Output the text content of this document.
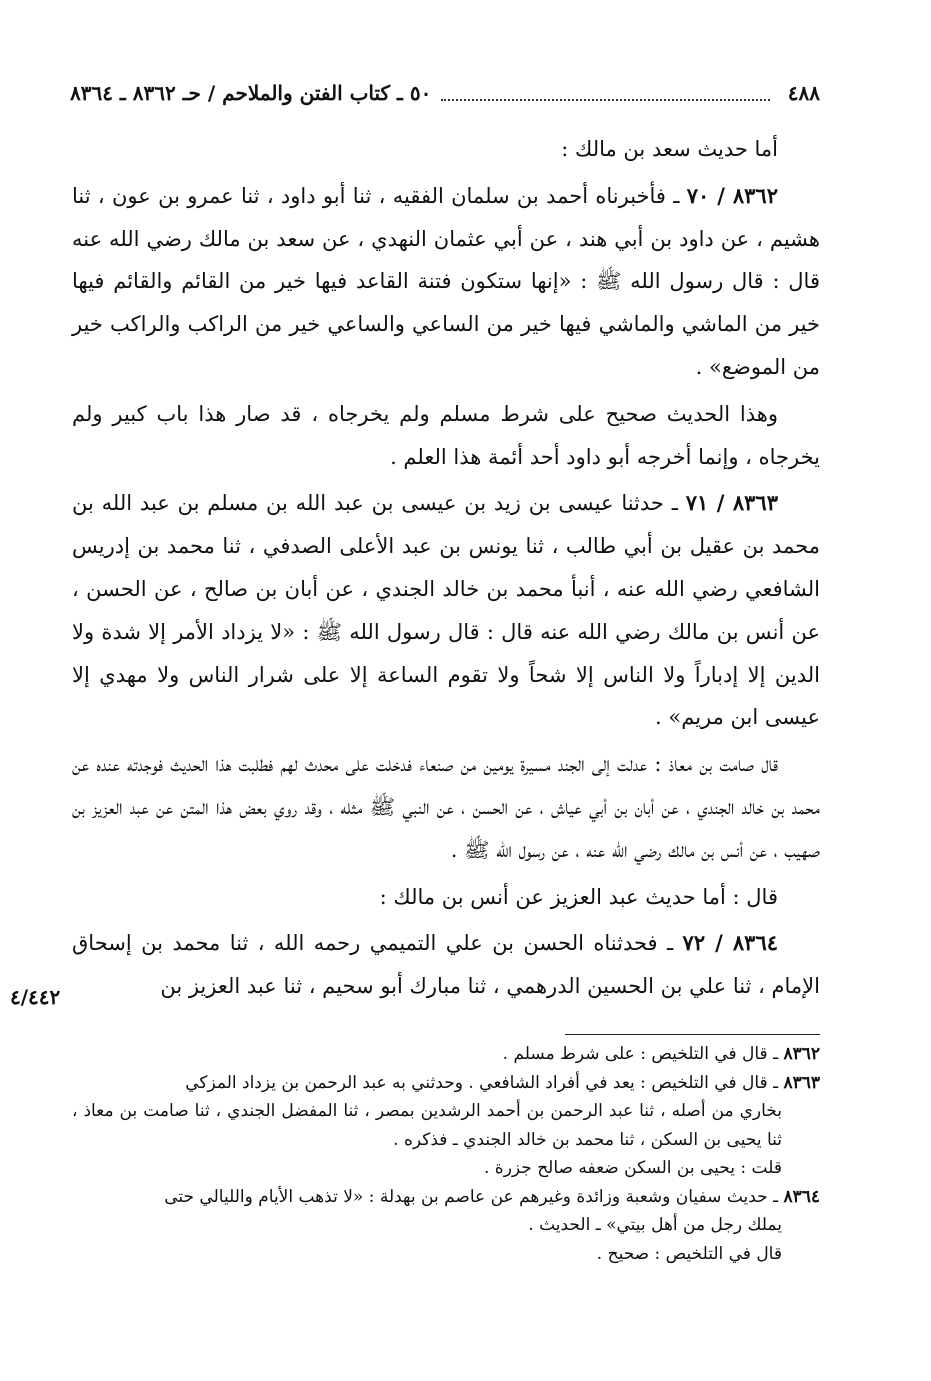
٤٨٨
٥٠ ـ كتاب الفتن والملاحم / حـ ٨٣٦٢ ـ ٨٣٦٤

أما حديث سعد بن مالك :

٨٣٦٢ / ٧٠ ـ فأخبرناه أحمد بن سلمان الفقيه ، ثنا أبو داود ، ثنا عمرو بن عون ، ثنا هشيم ، عن داود بن أبي هند ، عن أبي عثمان النهدي ، عن سعد بن مالك رضي الله عنه قال : قال رسول الله ﷺ : «إنها ستكون فتنة القاعد فيها خير من القائم والقائم فيها خير من الماشي والماشي فيها خير من الساعي والساعي خير من الراكب والراكب خير من الموضع» .

وهذا الحديث صحيح على شرط مسلم ولم يخرجاه ، قد صار هذا باب كبير ولم يخرجاه ، وإنما أخرجه أبو داود أحد أئمة هذا العلم .

٨٣٦٣ / ٧١ ـ حدثنا عيسى بن زيد بن عيسى بن عبد الله بن مسلم بن عبد الله بن محمد بن عقيل بن أبي طالب ، ثنا يونس بن عبد الأعلى الصدفي ، ثنا محمد بن إدريس الشافعي رضي الله عنه ، أنبأ محمد بن خالد الجندي ، عن أبان بن صالح ، عن الحسن ، عن أنس بن مالك رضي الله عنه قال : قال رسول الله ﷺ : «لا يزداد الأمر إلا شدة ولا الدين إلا إدباراً ولا الناس إلا شحاً ولا تقوم الساعة إلا على شرار الناس ولا مهدي إلا عيسى ابن مريم» .

قال صامت بن معاذ : عدلت إلى الجند مسيرة يومين من صنعاء فدخلت على محدث لهم فطلبت هذا الحديث فوجدته عنده عن محمد بن خالد الجندي ، عن أبان بن أبي عياش ، عن الحسن ، عن النبي ﷺ مثله ، وقد روي بعض هذا المتن عن عبد العزيز بن صهيب ، عن أنس بن مالك رضي الله عنه ، عن رسول الله ﷺ .

قال : أما حديث عبد العزيز عن أنس بن مالك :

٨٣٦٤ / ٧٢ ـ فحدثناه الحسن بن علي التميمي رحمه الله ، ثنا محمد بن إسحاق الإمام ، ثنا علي بن الحسين الدرهمي ، ثنا مبارك أبو سحيم ، ثنا عبد العزيز بن

٤/٤٤٢

٨٣٦٢ ـ قال في التلخيص : على شرط مسلم .

٨٣٦٣ ـ قال في التلخيص : يعد في أفراد الشافعي . وحدثني به عبد الرحمن بن يزداد المزكي

بخاري من أصله ، ثنا عبد الرحمن بن أحمد الرشدين بمصر ، ثنا المفضل الجندي ، ثنا صامت بن معاذ ، ثنا يحيى بن السكن ، ثنا محمد بن خالد الجندي ـ فذكره .

قلت : يحيى بن السكن ضعفه صالح جزرة .

٨٣٦٤ ـ حديث سفيان وشعبة وزائدة وغيرهم عن عاصم بن بهدلة : «لا تذهب الأيام والليالي حتى

يملك رجل من أهل بيتي» ـ الحديث .

قال في التلخيص : صحيح .
